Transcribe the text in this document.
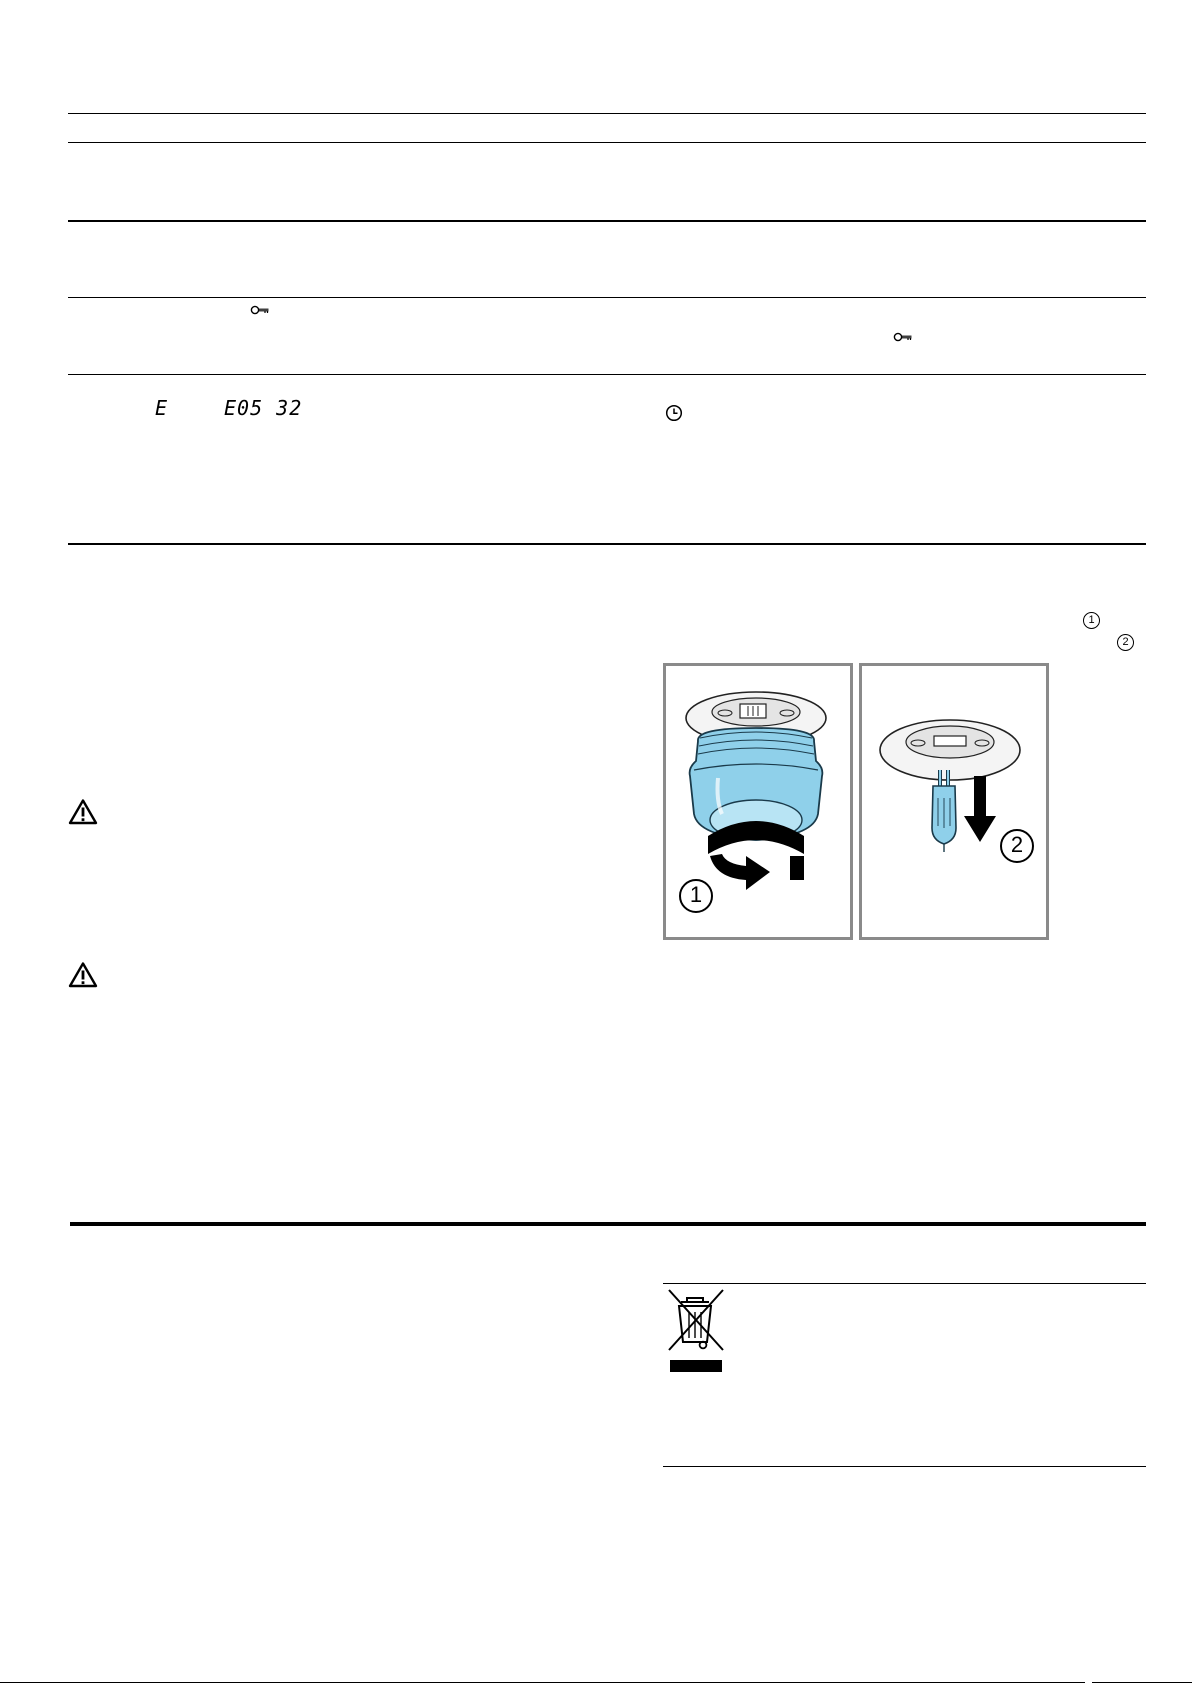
E	E05 32
1
2
1
2
